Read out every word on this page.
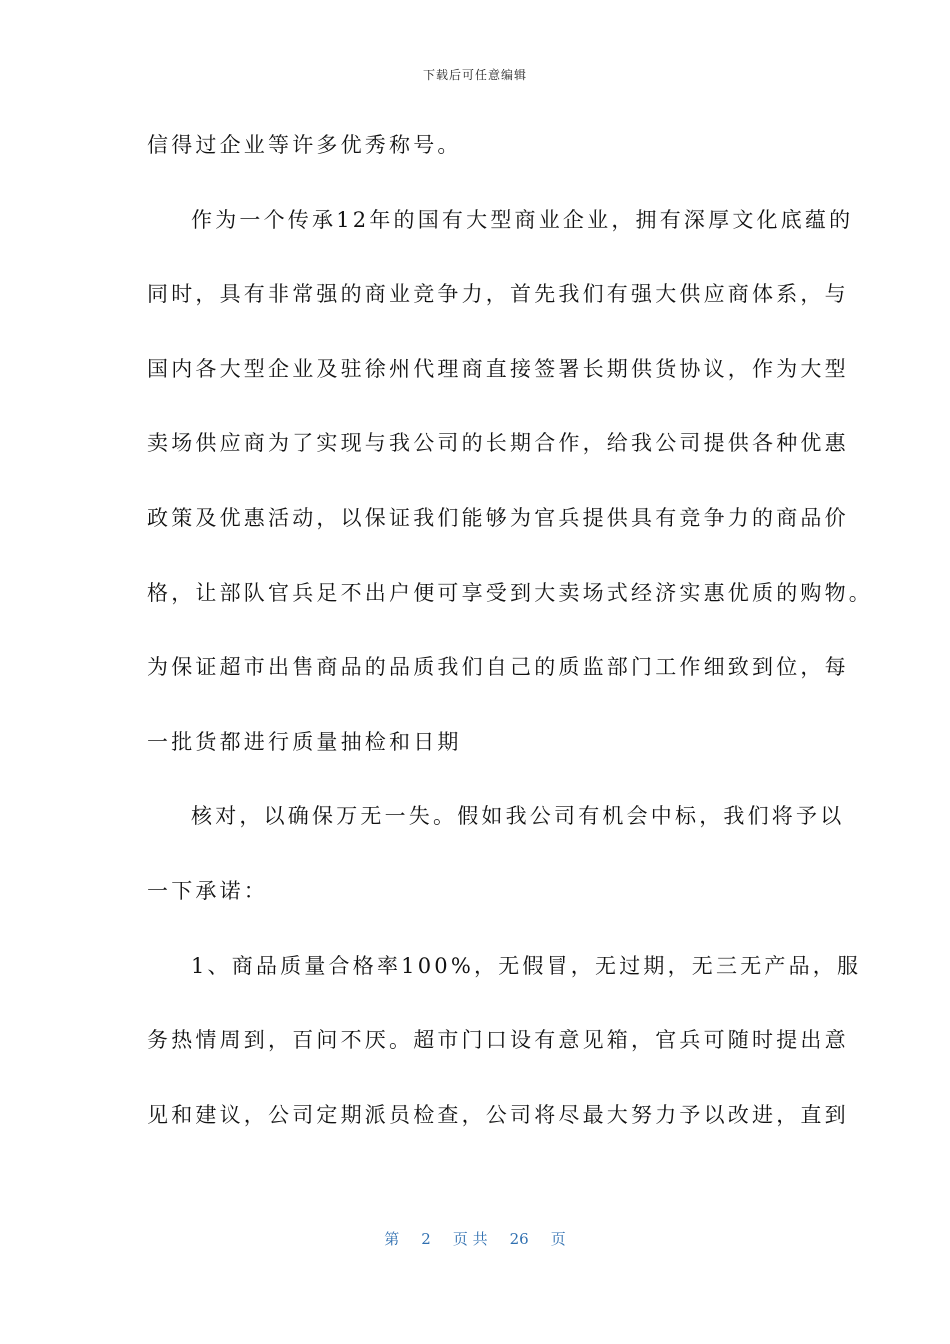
下载后可任意编辑
信得过企业等许多优秀称号。
作为一个传承12年的国有大型商业企业，拥有深厚文化底蕴的
同时，具有非常强的商业竞争力，首先我们有强大供应商体系，与
国内各大型企业及驻徐州代理商直接签署长期供货协议，作为大型
卖场供应商为了实现与我公司的长期合作，给我公司提供各种优惠
政策及优惠活动，以保证我们能够为官兵提供具有竞争力的商品价
格，让部队官兵足不出户便可享受到大卖场式经济实惠优质的购物。
为保证超市出售商品的品质我们自己的质监部门工作细致到位，每
一批货都进行质量抽检和日期
核对，以确保万无一失。假如我公司有机会中标，我们将予以
一下承诺：
1、商品质量合格率100%，无假冒，无过期，无三无产品，服
务热情周到，百问不厌。超市门口设有意见箱，官兵可随时提出意
见和建议，公司定期派员检查，公司将尽最大努力予以改进，直到
第 2 页 共 26 页
